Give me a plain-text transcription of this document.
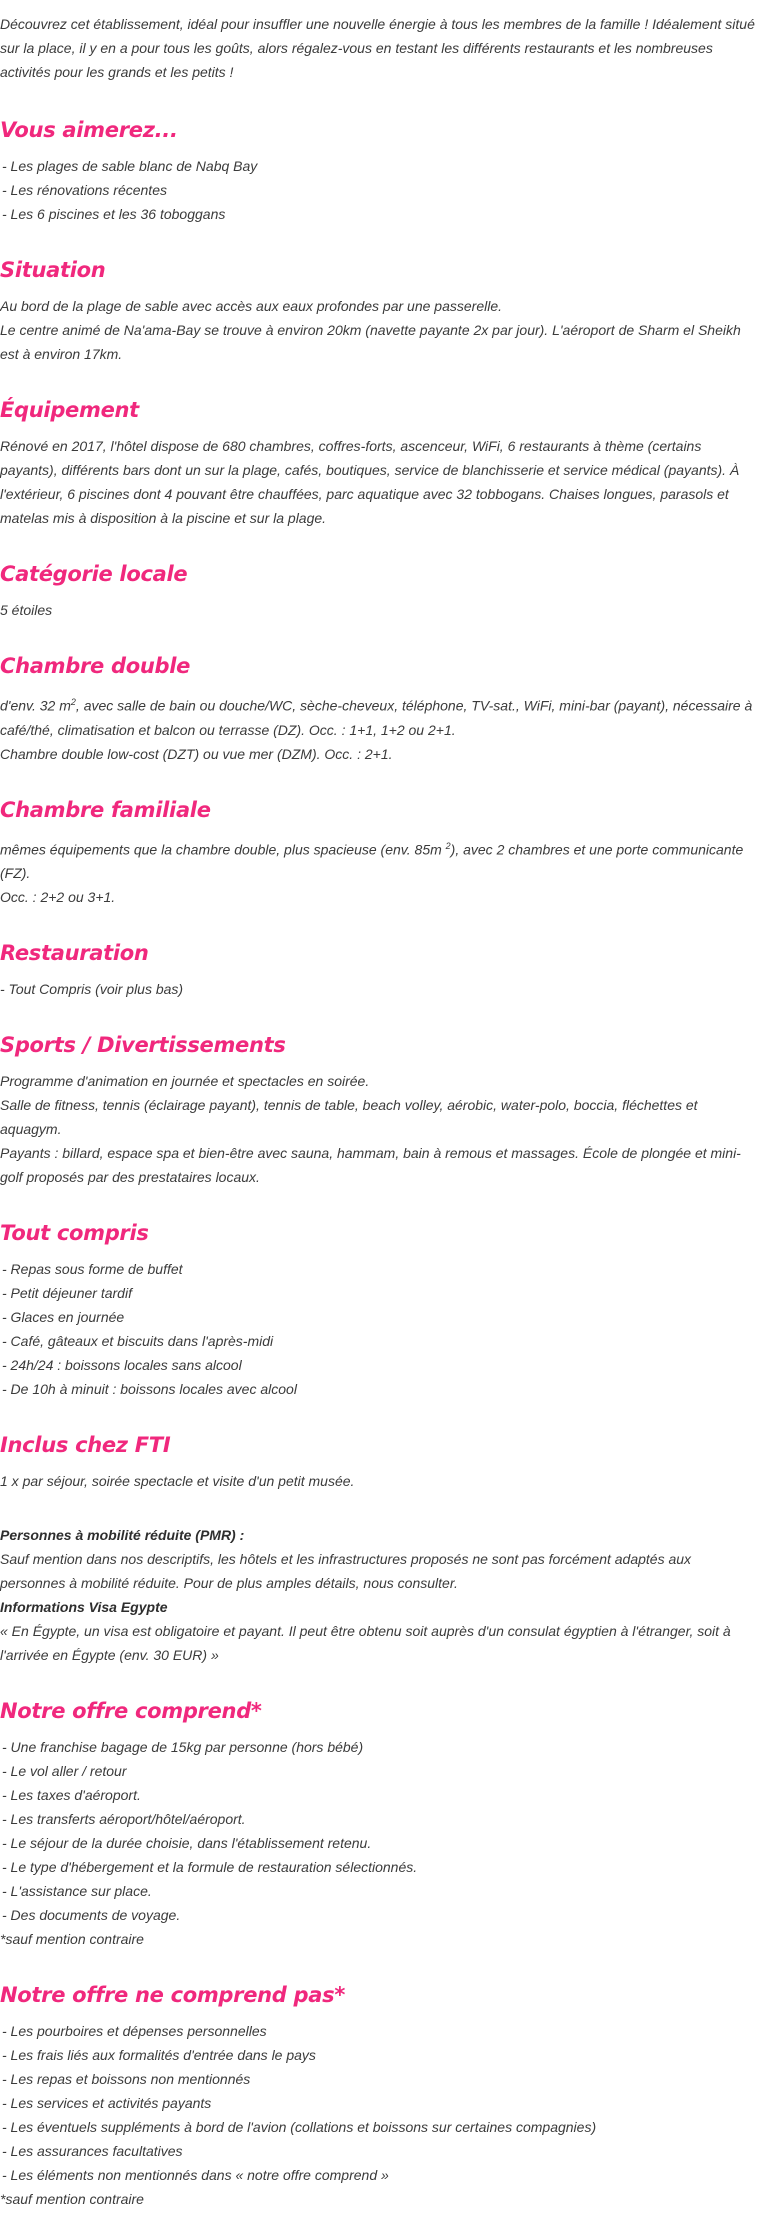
Découvrez cet établissement, idéal pour insuffler une nouvelle énergie à tous les membres de la famille ! Idéalement situé sur la place, il y en a pour tous les goûts, alors régalez-vous en testant les différents restaurants et les nombreuses activités pour les grands et les petits !

Vous aimerez...

- Les plages de sable blanc de Nabq Bay

- Les rénovations récentes

- Les 6 piscines et les 36 toboggans

Situation

Au bord de la plage de sable avec accès aux eaux profondes par une passerelle.

Le centre animé de Na'ama-Bay se trouve à environ 20km (navette payante 2x par jour). L'aéroport de Sharm el Sheikh est à environ 17km.

Équipement

Rénové en 2017, l'hôtel dispose de 680 chambres, coffres-forts, ascenceur, WiFi, 6 restaurants à thème (certains payants), différents bars dont un sur la plage, cafés, boutiques, service de blanchisserie et service médical (payants). À l'extérieur, 6 piscines dont 4 pouvant être chauffées, parc aquatique avec 32 tobbogans. Chaises longues, parasols et matelas mis à disposition à la piscine et sur la plage.

Catégorie locale

5 étoiles

Chambre double

d'env. 32 $m^2$, avec salle de bain ou douche/WC, sèche-cheveux, téléphone, TV-sat., WiFi, mini-bar (payant), nécessaire à café/thé, climatisation et balcon ou terrasse (DZ). Occ. : 1+1, 1+2 ou 2+1.

Chambre double low-cost (DZT) ou vue mer (DZM). Occ. : 2+1.

Chambre familiale

mêmes équipements que la chambre double, plus spacieuse (env. 85m $^2$), avec 2 chambres et une porte communicante (FZ).

Occ. : 2+2 ou 3+1.

Restauration

- Tout Compris (voir plus bas)

Sports / Divertissements

Programme d'animation en journée et spectacles en soirée.

Salle de fitness, tennis (éclairage payant), tennis de table, beach volley, aérobic, water-polo, boccia, fléchettes et aquagym.

Payants : billard, espace spa et bien-être avec sauna, hammam, bain à remous et massages. École de plongée et mini-golf proposés par des prestataires locaux.

Tout compris

- Repas sous forme de buffet

- Petit déjeuner tardif

- Glaces en journée

- Café, gâteaux et biscuits dans l'après-midi

- 24h/24 : boissons locales sans alcool

- De 10h à minuit : boissons locales avec alcool

Inclus chez FTI

1 x par séjour, soirée spectacle et visite d'un petit musée.

Personnes à mobilité réduite (PMR) :

Sauf mention dans nos descriptifs, les hôtels et les infrastructures proposés ne sont pas forcément adaptés aux personnes à mobilité réduite. Pour de plus amples détails, nous consulter.

Informations Visa Egypte

« En Égypte, un visa est obligatoire et payant. Il peut être obtenu soit auprès d'un consulat égyptien à l'étranger, soit à l'arrivée en Égypte (env. 30 EUR) »

Notre offre comprend*

- Une franchise bagage de 15kg par personne (hors bébé)

- Le vol aller / retour

- Les taxes d'aéroport.

- Les transferts aéroport/hôtel/aéroport.

- Le séjour de la durée choisie, dans l'établissement retenu.

- Le type d'hébergement et la formule de restauration sélectionnés.

- L'assistance sur place.

- Des documents de voyage.

*sauf mention contraire

Notre offre ne comprend pas*

- Les pourboires et dépenses personnelles

- Les frais liés aux formalités d'entrée dans le pays

- Les repas et boissons non mentionnés

- Les services et activités payants

- Les éventuels suppléments à bord de l'avion (collations et boissons sur certaines compagnies)

- Les assurances facultatives

- Les éléments non mentionnés dans « notre offre comprend »

*sauf mention contraire
